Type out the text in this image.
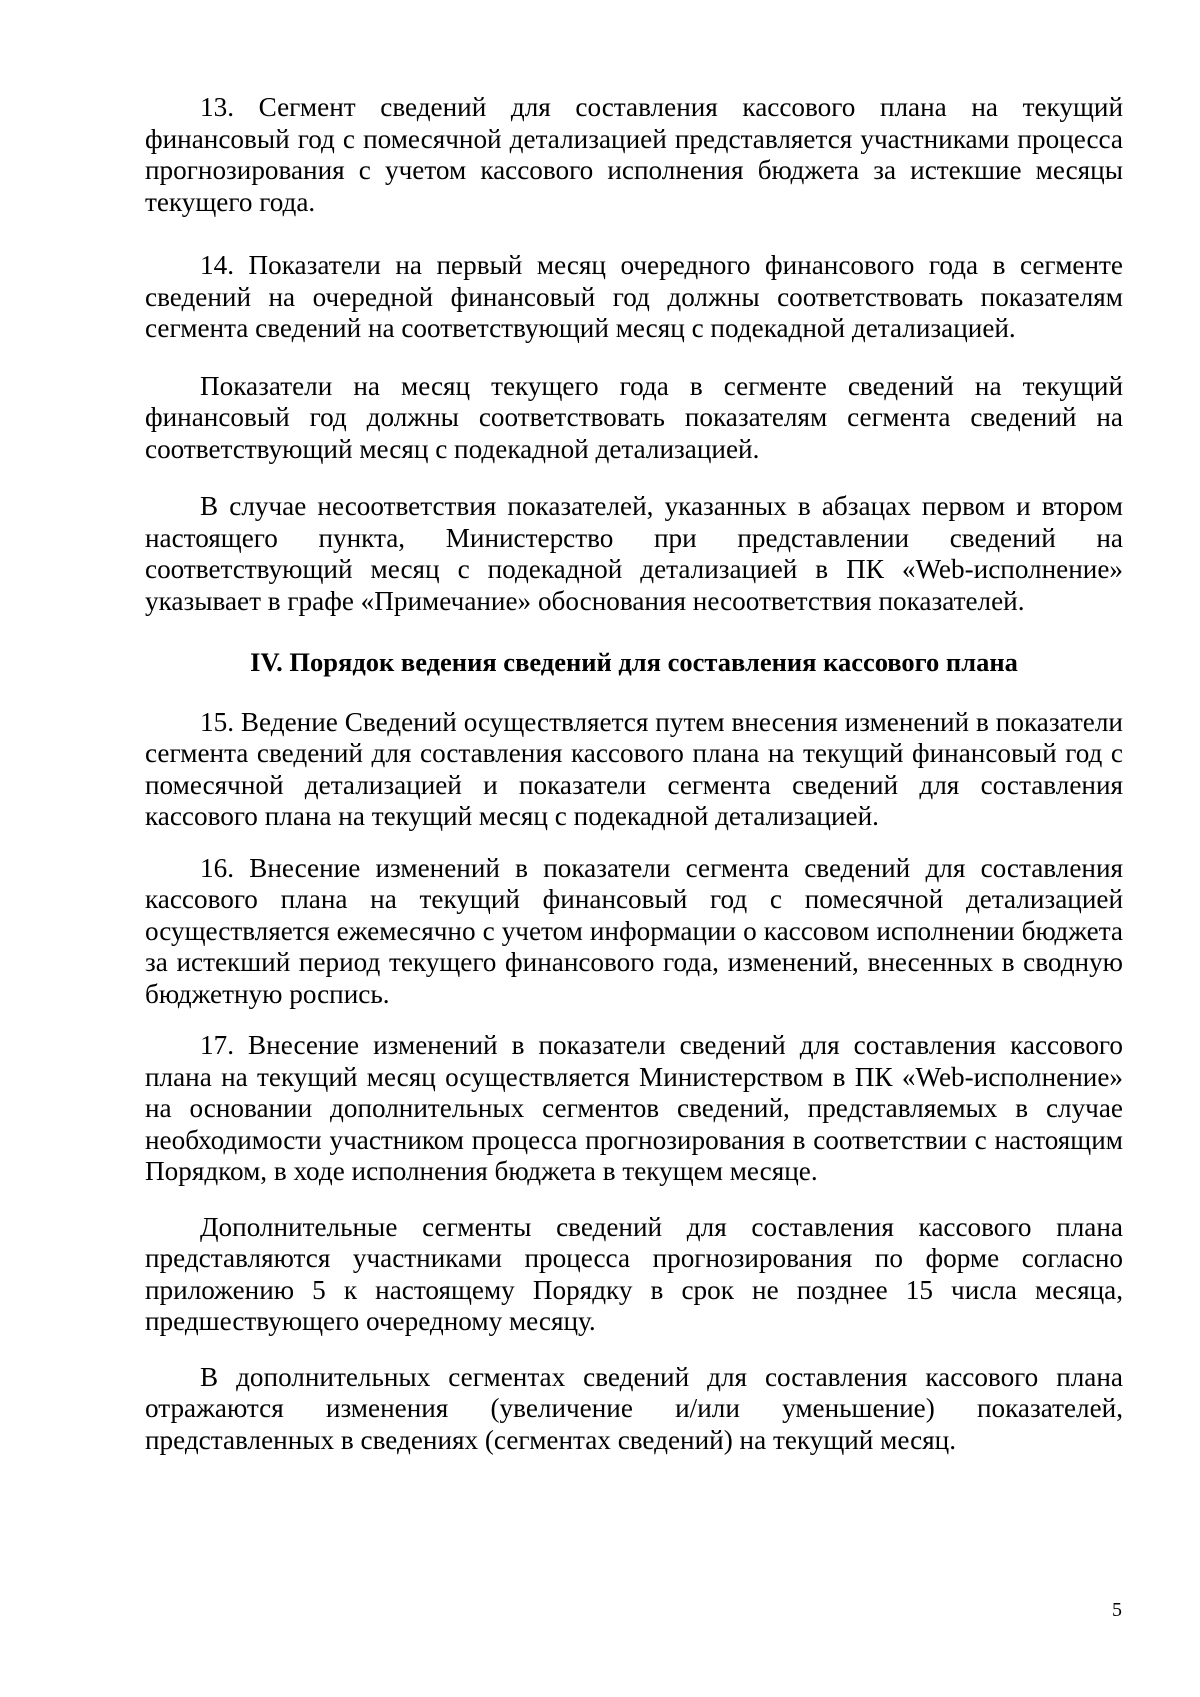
13. Сегмент сведений для составления кассового плана на текущий финансовый год с помесячной детализацией представляется участниками процесса прогнозирования с учетом кассового исполнения бюджета за истекшие месяцы текущего года.

14. Показатели на первый месяц очередного финансового года в сегменте сведений на очередной финансовый год должны соответствовать показателям сегмента сведений на соответствующий месяц с подекадной детализацией.

Показатели на месяц текущего года в сегменте сведений на текущий финансовый год должны соответствовать показателям сегмента сведений на соответствующий месяц с подекадной детализацией.

В случае несоответствия показателей, указанных в абзацах первом и втором настоящего пункта, Министерство при представлении сведений на соответствующий месяц с подекадной детализацией в ПК «Web-исполнение» указывает в графе «Примечание» обоснования несоответствия показателей.

IV. Порядок ведения сведений для составления кассового плана

15. Ведение Сведений осуществляется путем внесения изменений в показатели сегмента сведений для составления кассового плана на текущий финансовый год с помесячной детализацией и показатели сегмента сведений для составления кассового плана на текущий месяц с подекадной детализацией.

16. Внесение изменений в показатели сегмента сведений для составления кассового плана на текущий финансовый год с помесячной детализацией осуществляется ежемесячно с учетом информации о кассовом исполнении бюджета за истекший период текущего финансового года, изменений, внесенных в сводную бюджетную роспись.

17. Внесение изменений в показатели сведений для составления кассового плана на текущий месяц осуществляется Министерством в ПК «Web-исполнение» на основании дополнительных сегментов сведений, представляемых в случае необходимости участником процесса прогнозирования в соответствии с настоящим Порядком, в ходе исполнения бюджета в текущем месяце.

Дополнительные сегменты сведений для составления кассового плана представляются участниками процесса прогнозирования по форме согласно приложению 5 к настоящему Порядку в срок не позднее 15 числа месяца, предшествующего очередному месяцу.

В дополнительных сегментах сведений для составления кассового плана отражаются изменения (увеличение и/или уменьшение) показателей, представленных в сведениях (сегментах сведений) на текущий месяц.

5
